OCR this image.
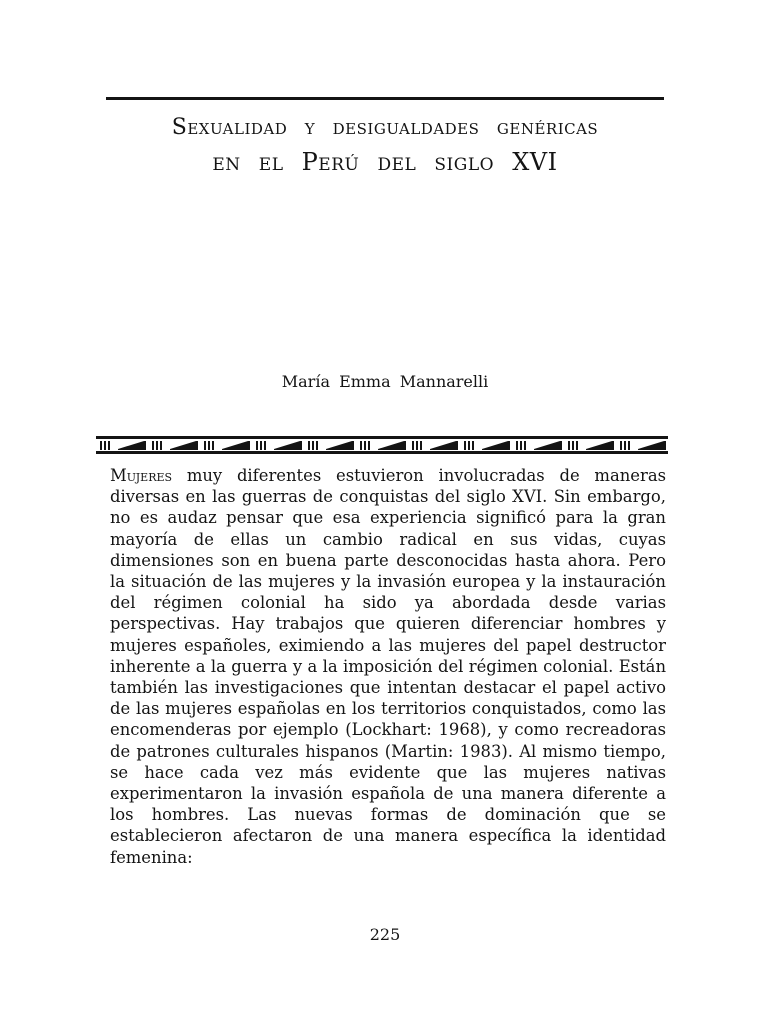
Sexualidad y desigualdades genéricas
en el Perú del siglo XVI

María Emma Mannarelli

Mujeres muy diferentes estuvieron involucradas de maneras diversas en las guerras de conquistas del siglo XVI. Sin embargo, no es audaz pensar que esa experiencia significó para la gran mayoría de ellas un cambio radical en sus vidas, cuyas dimensiones son en buena parte desconocidas hasta ahora. Pero la situación de las mujeres y la invasión europea y la instauración del régimen colonial ha sido ya abordada desde varias perspectivas. Hay trabajos que quieren diferenciar hombres y mujeres españoles, eximiendo a las mujeres del papel destructor inherente a la guerra y a la imposición del régimen colonial. Están también las investigaciones que intentan destacar el papel activo de las mujeres españolas en los territorios conquistados, como las encomenderas por ejemplo (Lockhart: 1968), y como recreadoras de patrones culturales hispanos (Martin: 1983). Al mismo tiempo, se hace cada vez más evidente que las mujeres nativas experimentaron la invasión española de una manera diferente a los hombres. Las nuevas formas de dominación que se establecieron afectaron de una manera específica la identidad femenina:

225
